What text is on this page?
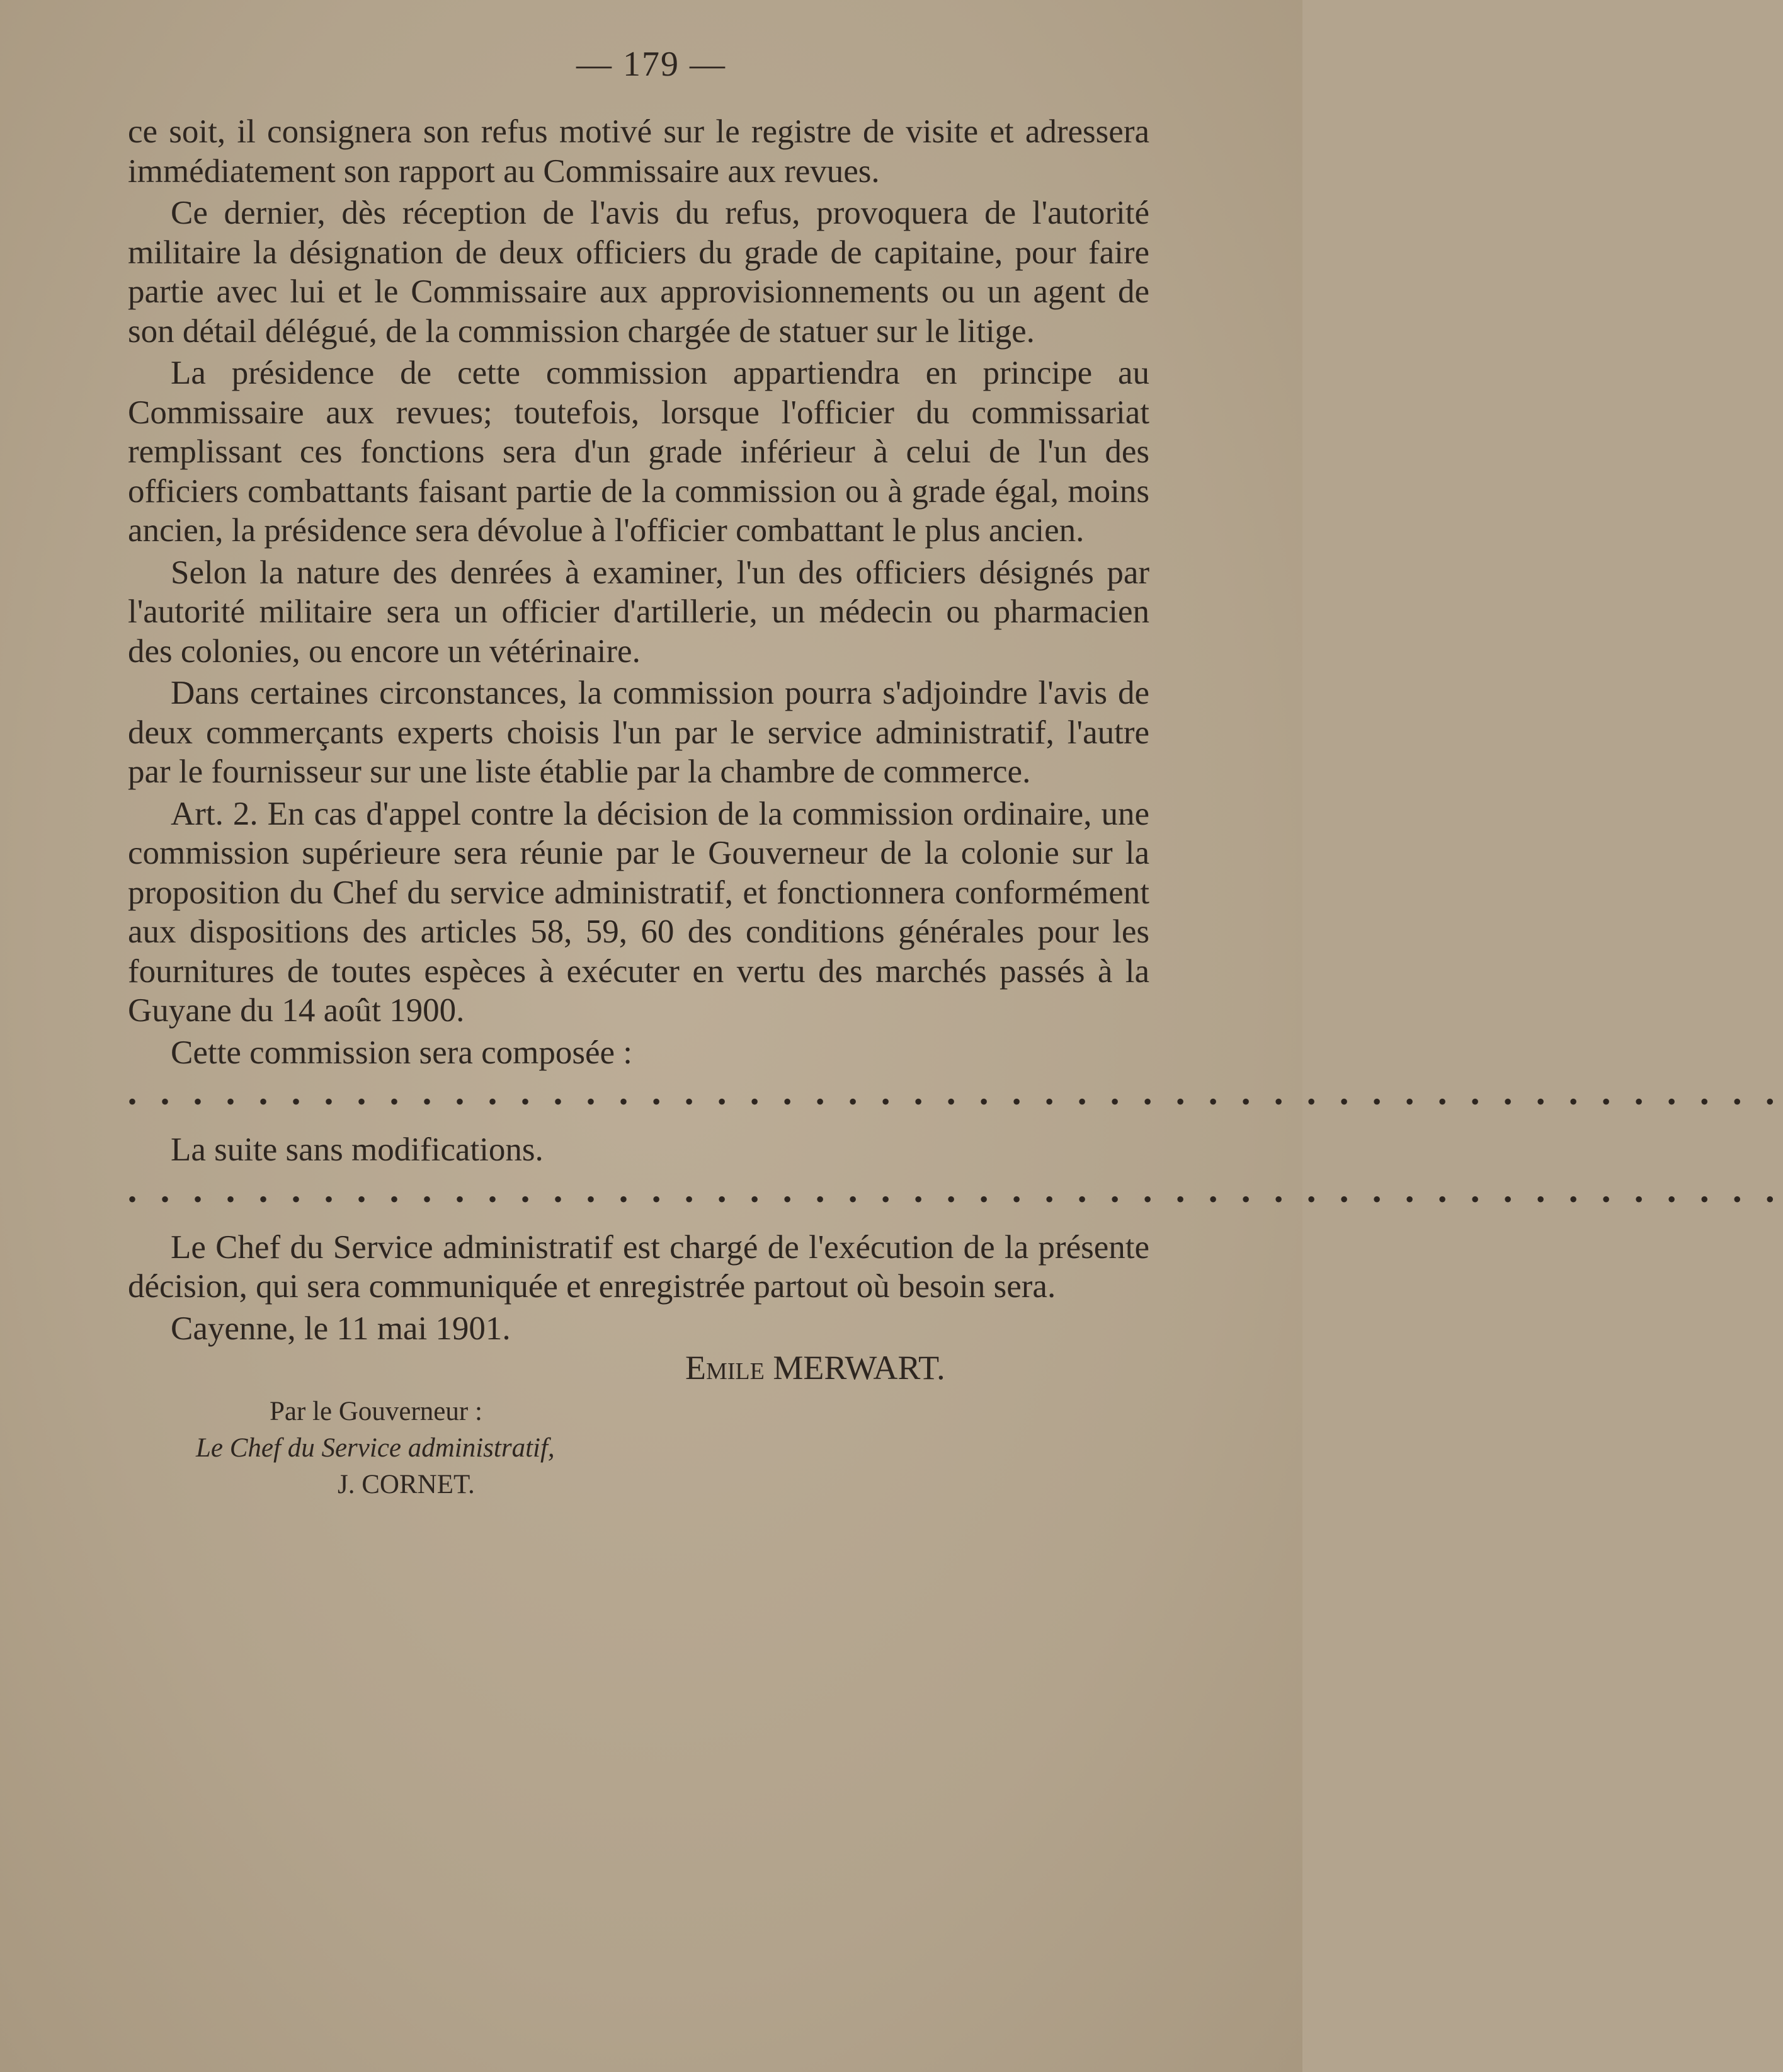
— 179 —

ce soit, il consignera son refus motivé sur le registre de visite et adressera immédiatement son rapport au Commissaire aux revues.

Ce dernier, dès réception de l'avis du refus, provoquera de l'autorité militaire la désignation de deux officiers du grade de capitaine, pour faire partie avec lui et le Commissaire aux approvisionnements ou un agent de son détail délégué, de la commission chargée de statuer sur le litige.

La présidence de cette commission appartiendra en principe au Commissaire aux revues; toutefois, lorsque l'officier du commissariat remplissant ces fonctions sera d'un grade inférieur à celui de l'un des officiers combattants faisant partie de la commission ou à grade égal, moins ancien, la présidence sera dévolue à l'officier combattant le plus ancien.

Selon la nature des denrées à examiner, l'un des officiers désignés par l'autorité militaire sera un officier d'artillerie, un médecin ou pharmacien des colonies, ou encore un vétérinaire.

Dans certaines circonstances, la commission pourra s'adjoindre l'avis de deux commerçants experts choisis l'un par le service administratif, l'autre par le fournisseur sur une liste établie par la chambre de commerce.

Art. 2. En cas d'appel contre la décision de la commission ordinaire, une commission supérieure sera réunie par le Gouverneur de la colonie sur la proposition du Chef du service administratif, et fonctionnera conformément aux dispositions des articles 58, 59, 60 des conditions générales pour les fournitures de toutes espèces à exécuter en vertu des marchés passés à la Guyane du 14 août 1900.

Cette commission sera composée :

• • • • • • • • • • • • • • • • • • • • • • • • • • • • • • • • • • • • • • • • • • • • • • • • • • •

La suite sans modifications.

• • • • • • • • • • • • • • • • • • • • • • • • • • • • • • • • • • • • • • • • • • • • • • • • • • •

Le Chef du Service administratif est chargé de l'exécution de la présente décision, qui sera communiquée et enregistrée partout où besoin sera.

Cayenne, le 11 mai 1901.

Emile MERWART.

Par le Gouverneur :

Le Chef du Service administratif,

J. CORNET.
